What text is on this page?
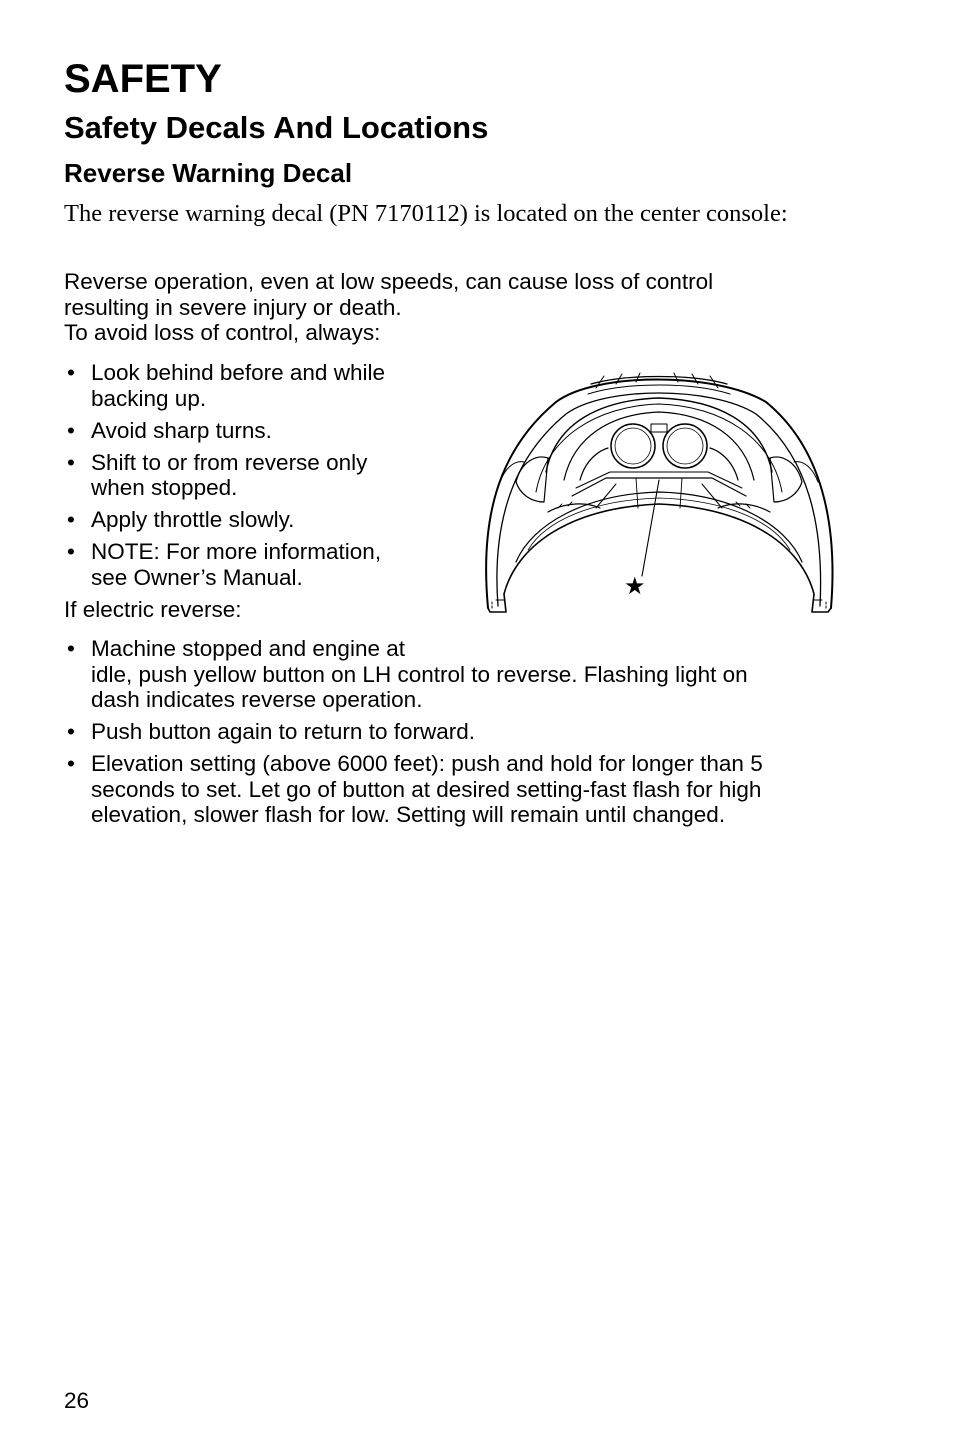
SAFETY
Safety Decals And Locations
Reverse Warning Decal

The reverse warning decal (PN 7170112) is located on the center console:

Reverse operation, even at low speeds, can cause loss of control
resulting in severe injury or death.
To avoid loss of control, always:
• Look behind before and while
backing up.
• Avoid sharp turns.
• Shift to or from reverse only
when stopped.
• Apply throttle slowly.
• NOTE: For more information,
see Owner’s Manual.

If electric reverse:

• Machine stopped and engine at
idle, push yellow button on LH control to reverse. Flashing light on
dash indicates reverse operation.
• Push button again to return to forward.
• Elevation setting (above 6000 feet): push and hold for longer than 5
seconds to set. Let go of button at desired setting-fast flash for high
elevation, slower flash for low. Setting will remain until changed.
★

26
